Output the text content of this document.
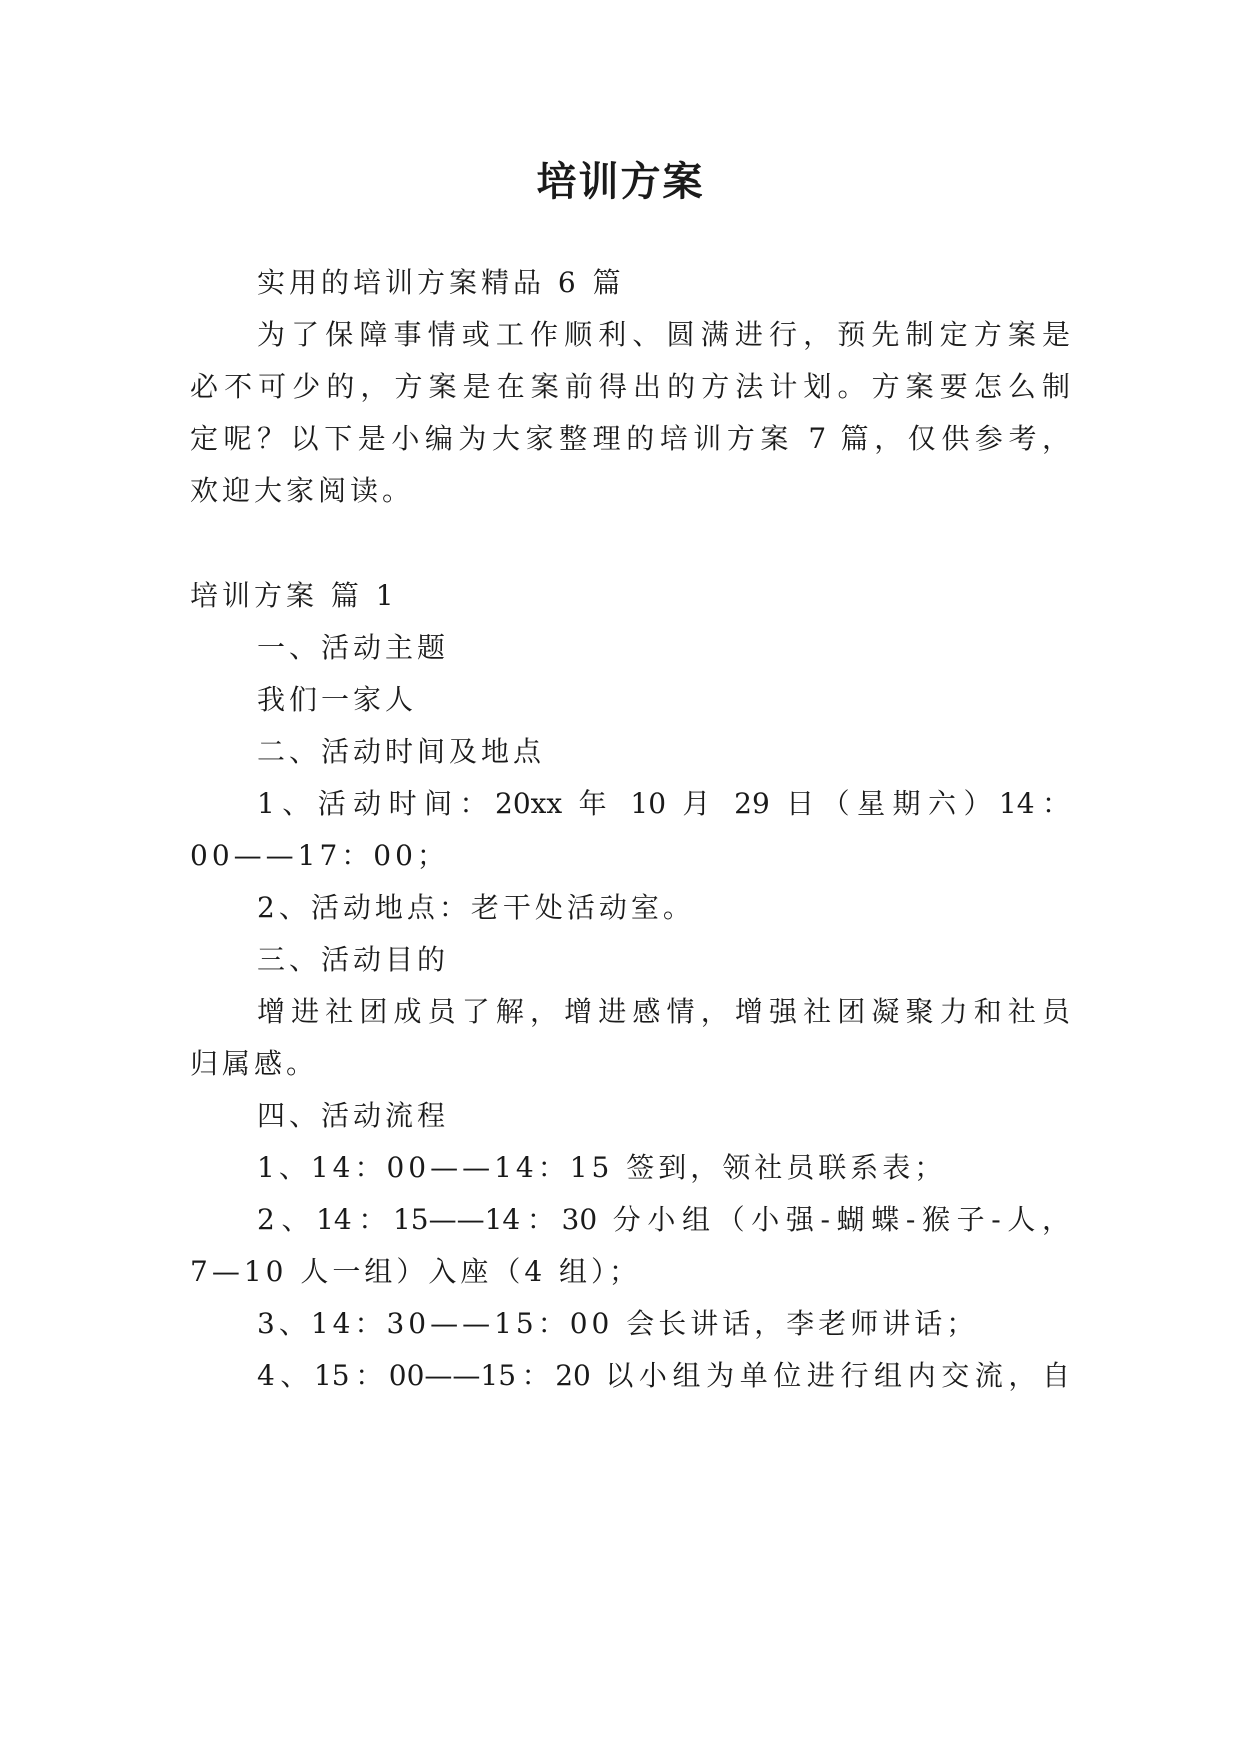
培训方案
实用的培训方案精品 6 篇
为了保障事情或工作顺利、圆满进行，预先制定方案是
必不可少的，方案是在案前得出的方法计划。方案要怎么制
定呢？以下是小编为大家整理的培训方案 7 篇，仅供参考，
欢迎大家阅读。
培训方案 篇 1
一、活动主题
我们一家人
二、活动时间及地点
1、活动时间：20xx 年 10 月 29 日（星期六）14：
00——17：00；
2、活动地点：老干处活动室。
三、活动目的
增进社团成员了解，增进感情，增强社团凝聚力和社员
归属感。
四、活动流程
1、14：00——14：15 签到，领社员联系表；
2、14：15——14：30 分小组（小强-蝴蝶-猴子-人，
7—10 人一组）入座（4 组）；
3、14：30——15：00 会长讲话，李老师讲话；
4、15：00——15：20 以小组为单位进行组内交流，自
